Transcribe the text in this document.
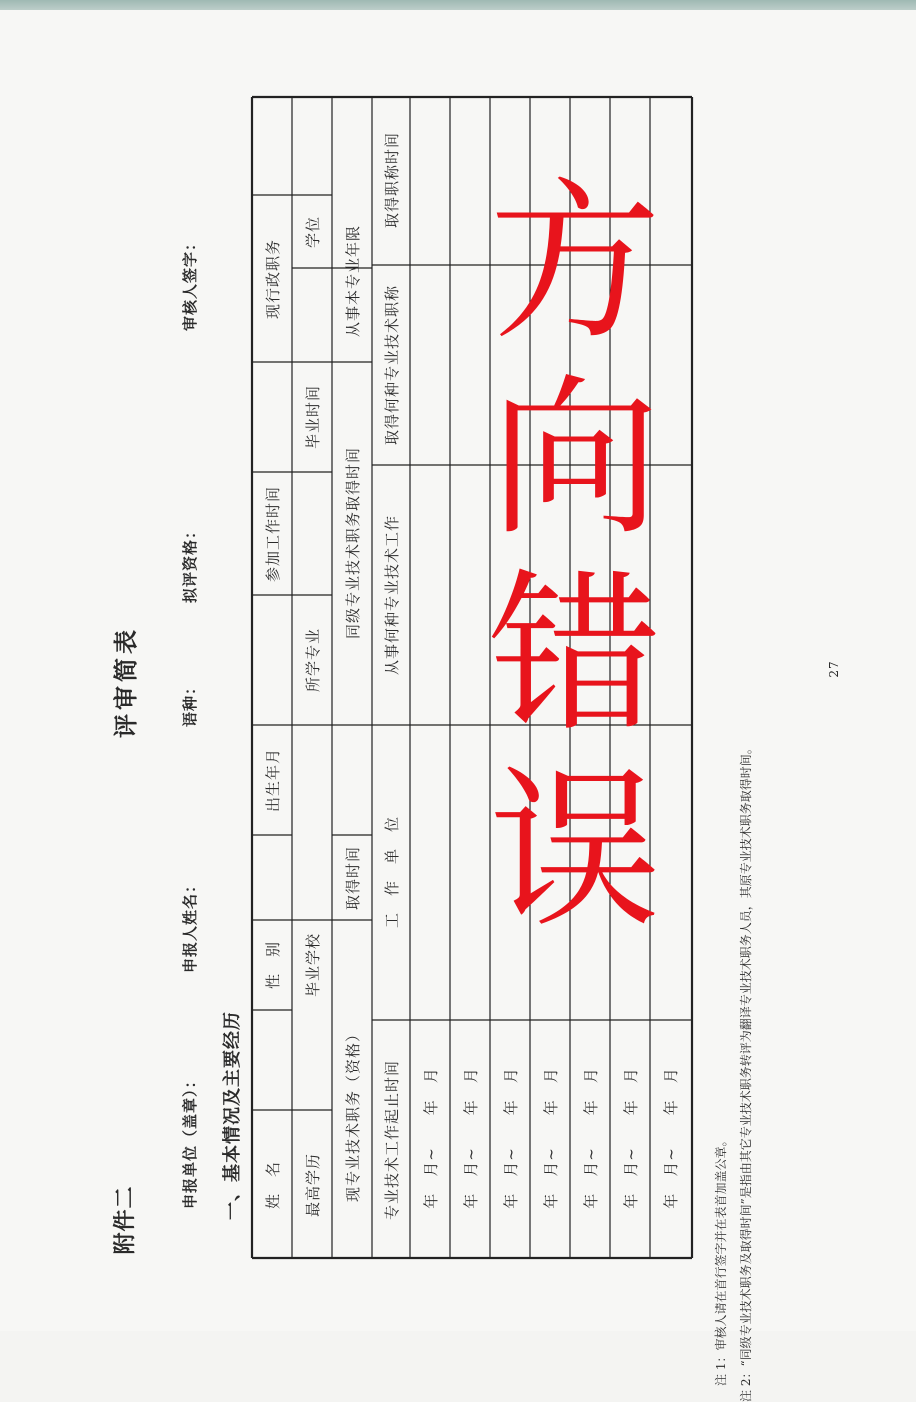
附件二
评审简表
申报单位（盖章）：
申报人姓名：
语种：
拟评资格：
审核人签字：
一、基本情况及主要经历 姓　名
性　别
出生年月
参加工作时间
现行政职务
最高学历
毕业学校
所学专业
毕业时间
学位
现专业技术职务（资格）
取得时间
同级专业技术职务取得时间
从事本专业年限
专业技术工作起止时间
工　作　单　位
从事何种专业技术工作
取得何种专业技术职称
取得职称时间
年　月~　　年　月 年　月~　　年　月 年　月~　　年　月 年　月~　　年　月 年　月~　　年　月 年　月~　　年　月 年　月~　　年　月	注 1：审核人请在首行签字并在表首加盖公章。 注 2：“同级专业技术职务及取得时间”是指由其它专业技术职务转评为翻译专业技术职务人员，其原专业技术职务取得时间。
27
方
向
错
误
